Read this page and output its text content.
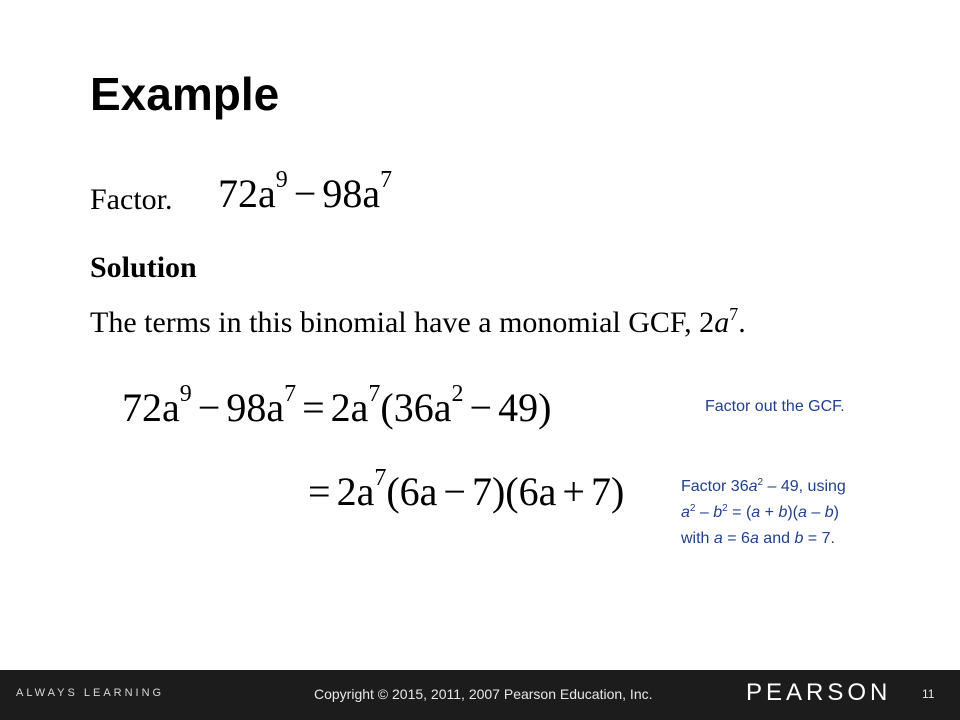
Example
Factor. $72a^9 - 98a^7$
Solution
The terms in this binomial have a monomial GCF, $2a^7$.
$72a^9 - 98a^7 = 2a^7(36a^2 - 49)$	Factor out the GCF.
= $2a^7(6a - 7)(6a + 7)$	Factor $36a^2 - 49$, using
$a^2 - b^2 = (a + b)(a - b)$
with a = 6a and b = 7.
ALWAYS LEARNING	Copyright © 2015, 2011, 2007 Pearson Education, Inc.	PEARSON	11
